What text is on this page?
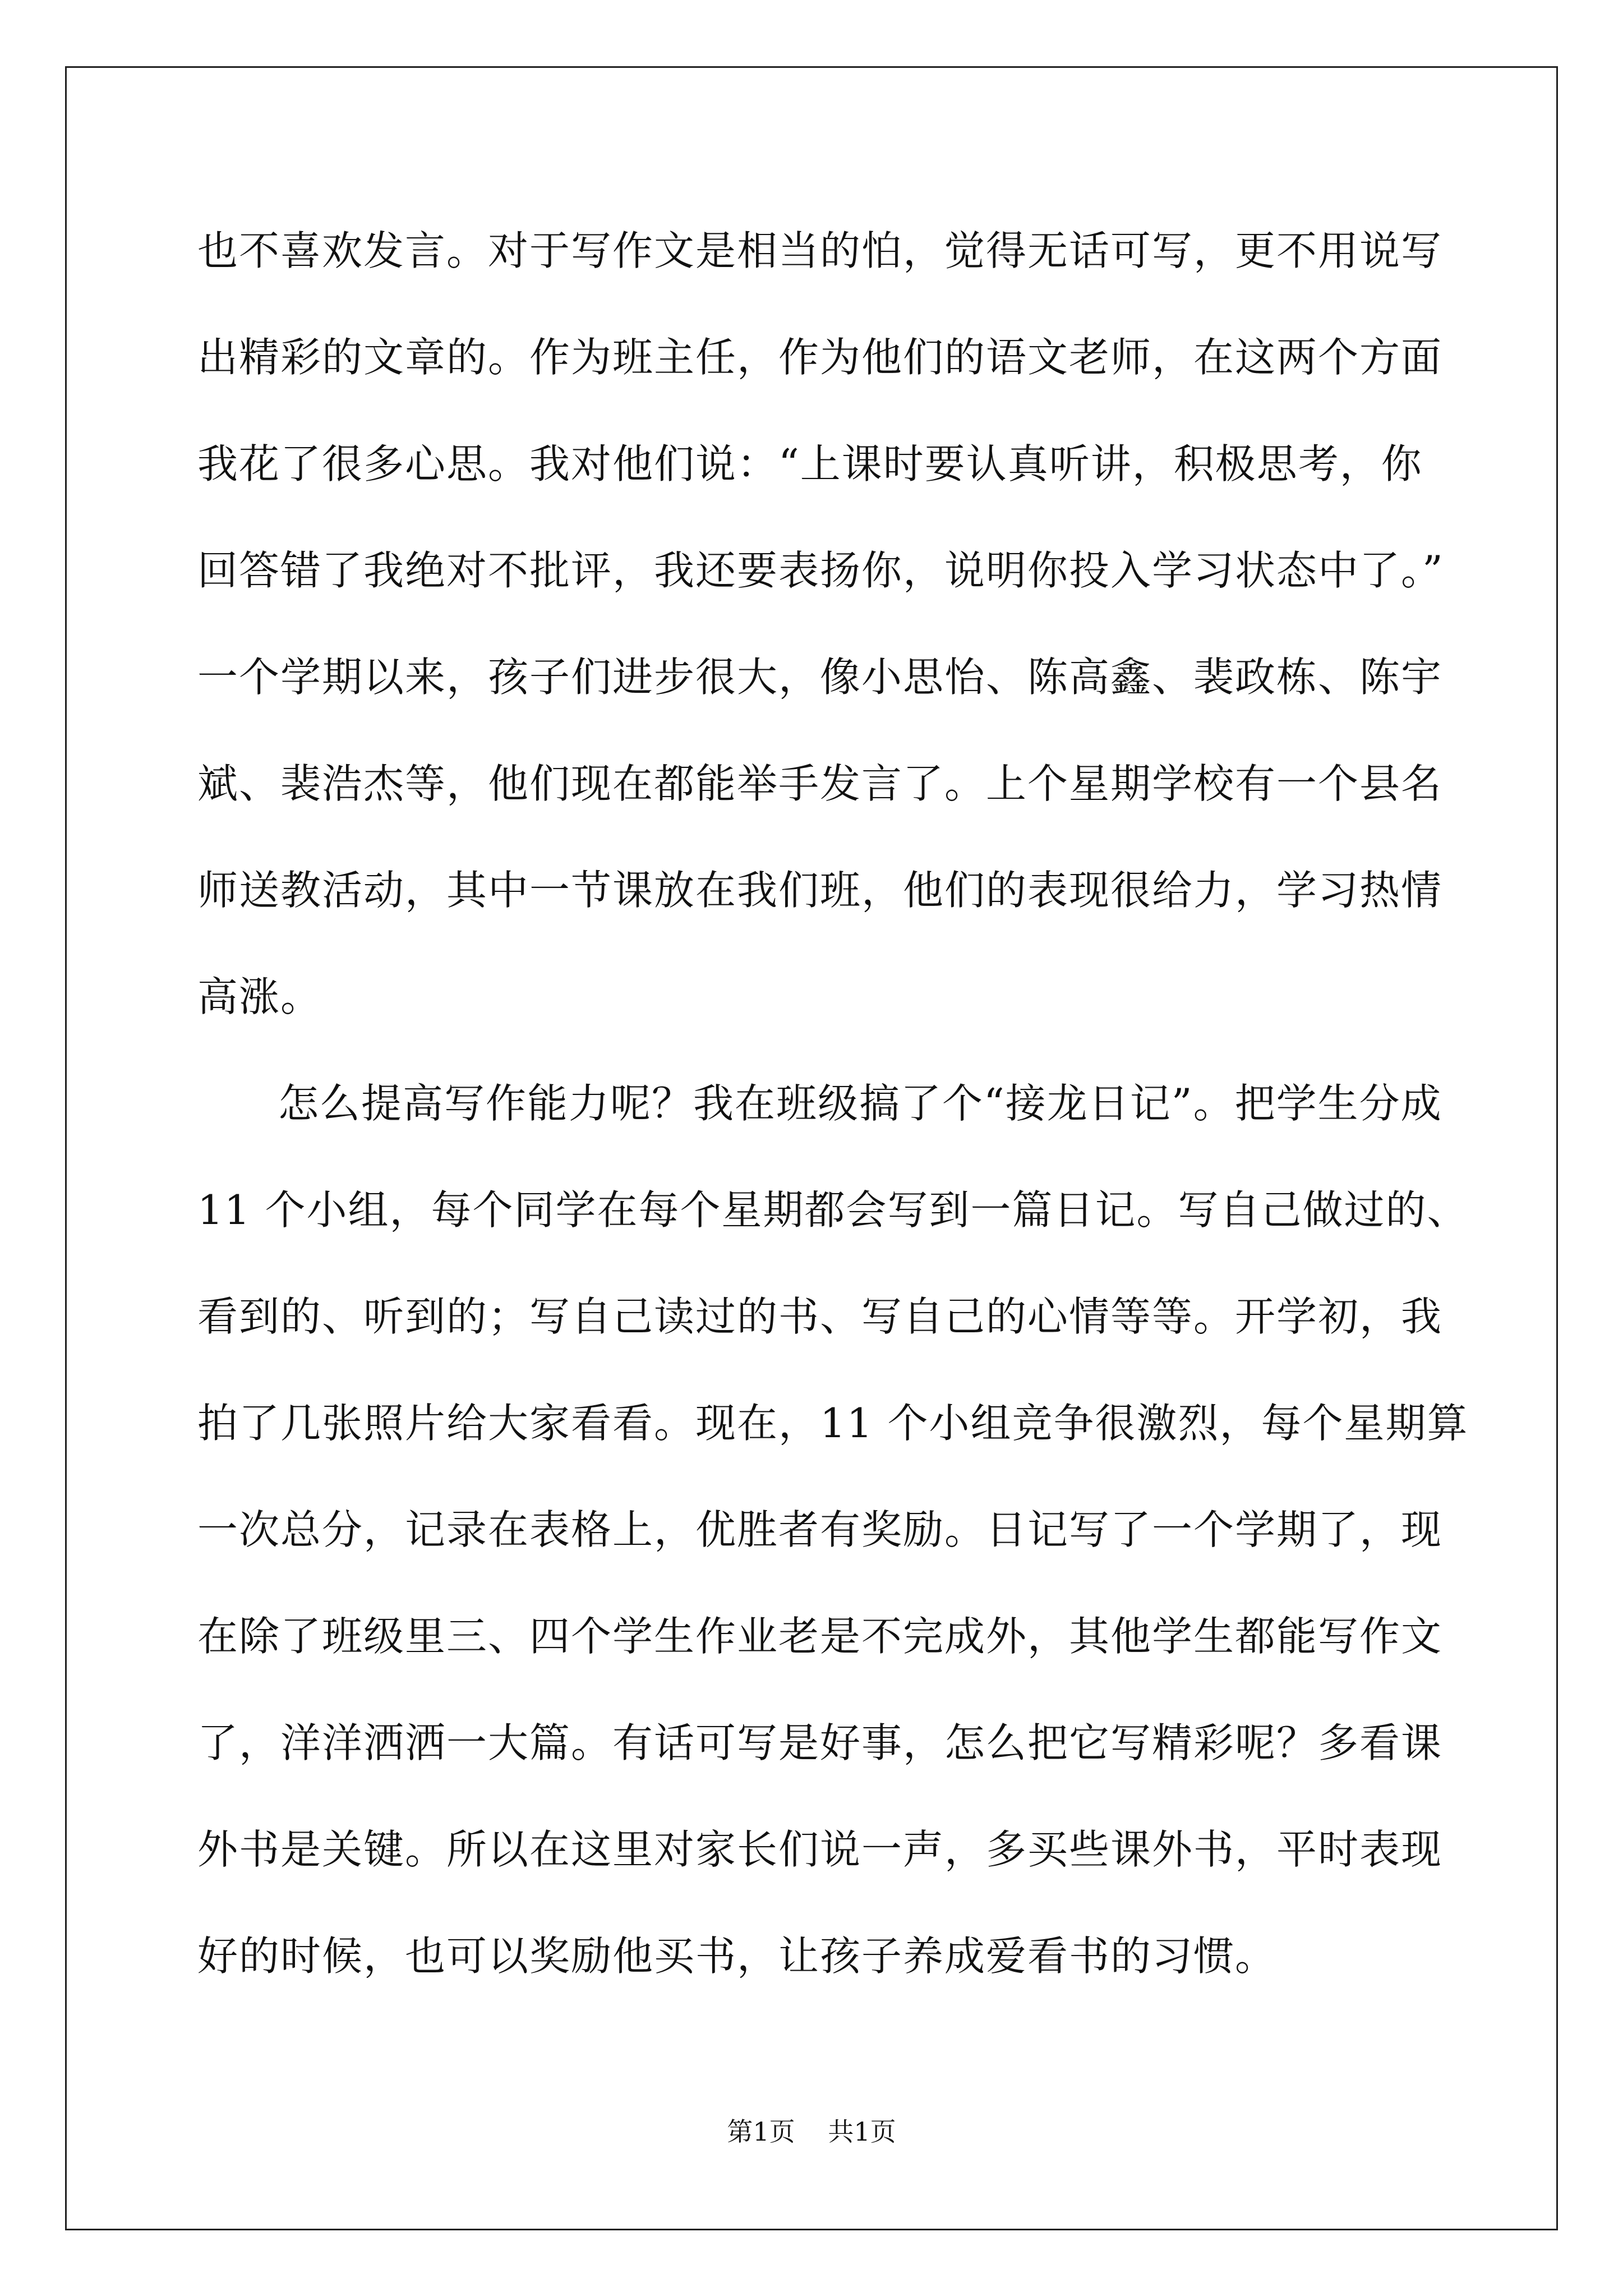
也不喜欢发言。对于写作文是相当的怕，觉得无话可写，更不用说写
出精彩的文章的。作为班主任，作为他们的语文老师，在这两个方面
我花了很多心思。我对他们说：“上课时要认真听讲，积极思考，你
回答错了我绝对不批评，我还要表扬你，说明你投入学习状态中了。”
一个学期以来，孩子们进步很大，像小思怡、陈高鑫、裴政栋、陈宇
斌、裴浩杰等，他们现在都能举手发言了。上个星期学校有一个县名
师送教活动，其中一节课放在我们班，他们的表现很给力，学习热情
高涨。
怎么提高写作能力呢？我在班级搞了个“接龙日记”。把学生分成
11 个小组，每个同学在每个星期都会写到一篇日记。写自己做过的、
看到的、听到的；写自己读过的书、写自己的心情等等。开学初，我
拍了几张照片给大家看看。现在，11 个小组竞争很激烈，每个星期算
一次总分，记录在表格上，优胜者有奖励。日记写了一个学期了，现
在除了班级里三、四个学生作业老是不完成外，其他学生都能写作文
了，洋洋洒洒一大篇。有话可写是好事，怎么把它写精彩呢？多看课
外书是关键。所以在这里对家长们说一声，多买些课外书，平时表现
好的时候，也可以奖励他买书，让孩子养成爱看书的习惯。
第1页 共1页
